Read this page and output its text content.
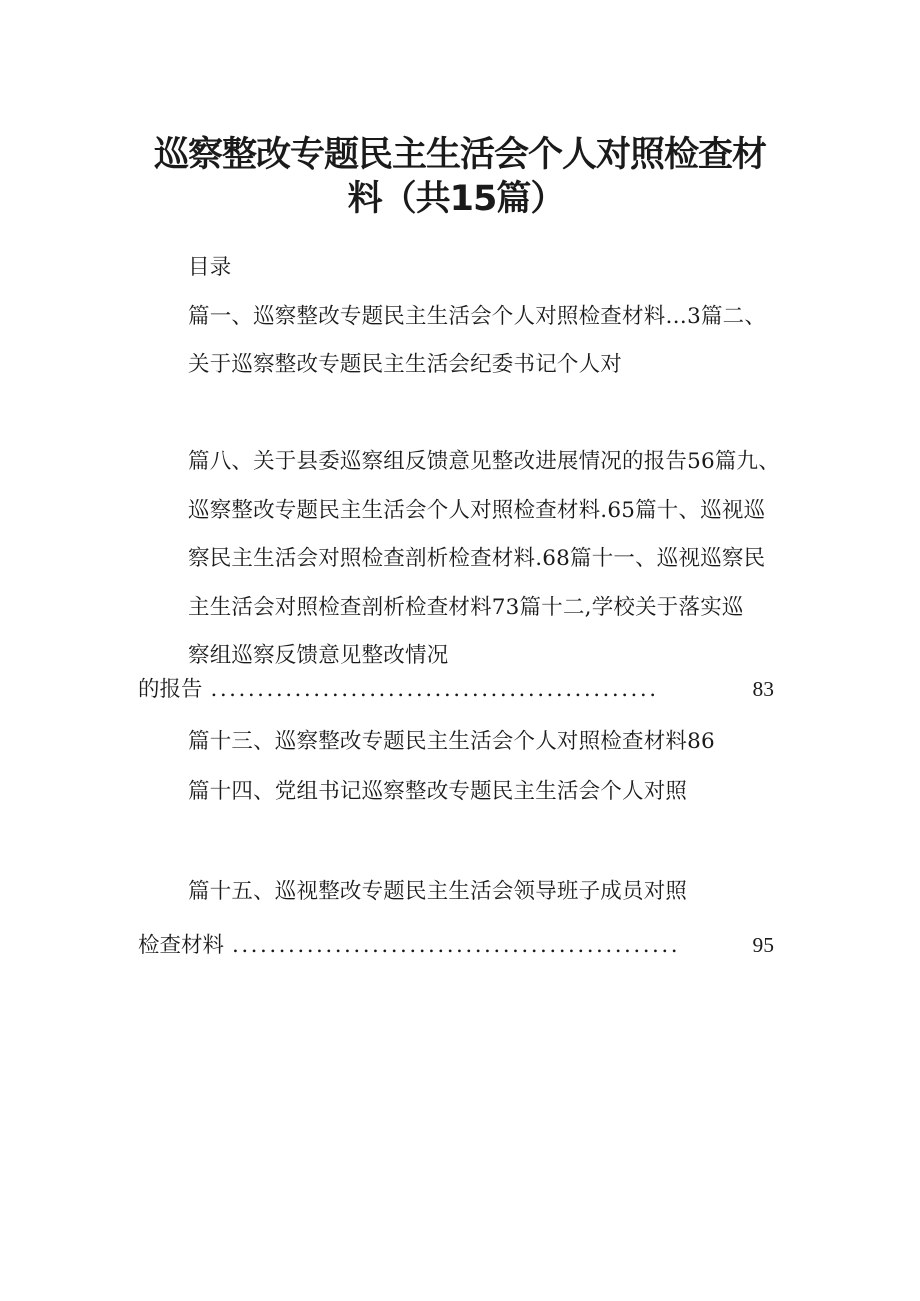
巡察整改专题民主生活会个人对照检查材
料（共15篇）
目录
篇一、巡察整改专题民主生活会个人对照检查材料…3篇二、
关于巡察整改专题民主生活会纪委书记个人对
篇八、关于县委巡察组反馈意见整改进展情况的报告56篇九、
巡察整改专题民主生活会个人对照检查材料.65篇十、巡视巡
察民主生活会对照检查剖析检查材料.68篇十一、巡视巡察民
主生活会对照检查剖析检查材料73篇十二,学校关于落实巡
察组巡察反馈意见整改情况
的报告 ................................................	83
篇十三、巡察整改专题民主生活会个人对照检查材料86
篇十四、党组书记巡察整改专题民主生活会个人对照
篇十五、巡视整改专题民主生活会领导班子成员对照
检查材料 ................................................	95
